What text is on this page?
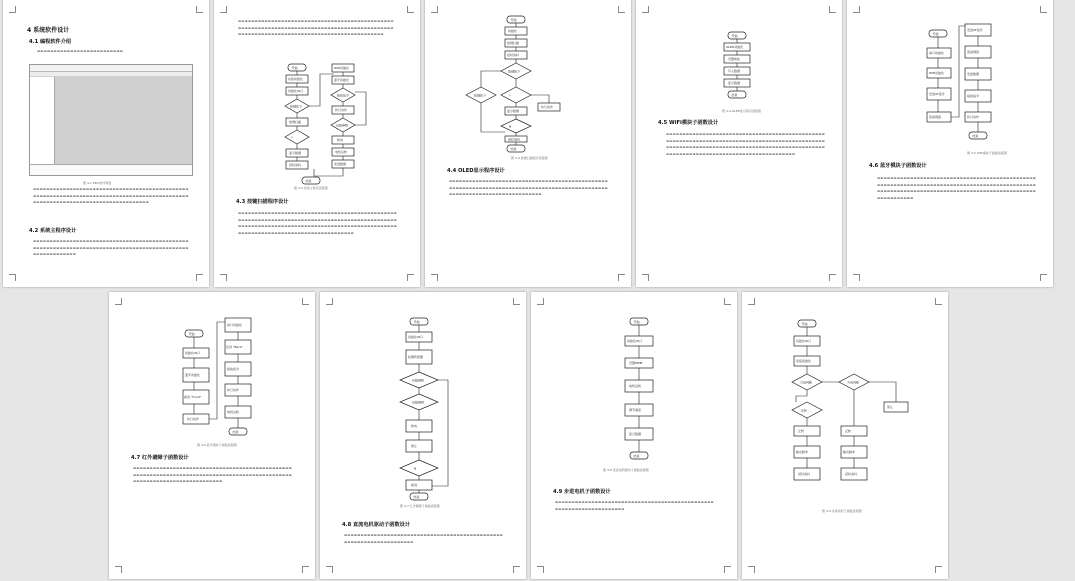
4 系统软件设计
4.1 编程软件介绍
▬▬▬▬▬▬▬▬▬▬▬▬▬▬▬▬▬▬▬▬▬▬▬▬▬▬
图 4-1 KEIL软件界面
▬▬▬▬▬▬▬▬▬▬▬▬▬▬▬▬▬▬▬▬▬▬▬▬▬▬▬▬▬▬▬▬▬▬▬▬▬▬▬▬▬▬▬▬▬▬▬▬▬▬▬▬▬▬▬▬▬▬▬▬▬▬▬▬▬▬▬▬▬▬▬▬▬▬▬▬▬▬▬▬▬▬▬▬▬▬▬▬▬▬▬▬▬▬▬▬▬▬▬▬▬▬▬▬▬▬▬▬▬▬▬▬▬▬▬▬▬▬▬▬▬▬▬▬▬▬▬▬▬
4.2 系统主程序设计
▬▬▬▬▬▬▬▬▬▬▬▬▬▬▬▬▬▬▬▬▬▬▬▬▬▬▬▬▬▬▬▬▬▬▬▬▬▬▬▬▬▬▬▬▬▬▬▬▬▬▬▬▬▬▬▬▬▬▬▬▬▬▬▬▬▬▬▬▬▬▬▬▬▬▬▬▬▬▬▬▬▬▬▬▬▬▬▬▬▬▬▬▬▬▬▬▬▬▬▬▬▬▬▬▬▬▬
▬▬▬▬▬▬▬▬▬▬▬▬▬▬▬▬▬▬▬▬▬▬▬▬▬▬▬▬▬▬▬▬▬▬▬▬▬▬▬▬▬▬▬▬▬▬▬▬▬▬▬▬▬▬▬▬▬▬▬▬▬▬▬▬▬▬▬▬▬▬▬▬▬▬▬▬▬▬▬▬▬▬▬▬▬▬▬▬▬▬▬▬▬▬▬▬▬▬▬▬▬▬▬▬▬▬▬▬▬▬▬▬▬▬▬▬▬▬▬▬▬▬▬▬▬▬▬▬▬▬▬▬▬▬▬▬▬▬
开始
系统初始化
初始化IO口
按键按下
按键扫描
Y
显示数据
延时消抖
WiFi初始化
蓝牙初始化
接收指令
执行动作
有障碍物
转向
电机运转
发送数据
结束
图 4-2 系统主程序流程图
4.3 按键扫描程序设计
▬▬▬▬▬▬▬▬▬▬▬▬▬▬▬▬▬▬▬▬▬▬▬▬▬▬▬▬▬▬▬▬▬▬▬▬▬▬▬▬▬▬▬▬▬▬▬▬▬▬▬▬▬▬▬▬▬▬▬▬▬▬▬▬▬▬▬▬▬▬▬▬▬▬▬▬▬▬▬▬▬▬▬▬▬▬▬▬▬▬▬▬▬▬▬▬▬▬▬▬▬▬▬▬▬▬▬▬▬▬▬▬▬▬▬▬▬▬▬▬▬▬▬▬▬▬▬▬▬▬▬▬▬▬▬▬▬▬▬▬▬▬▬▬▬▬▬▬▬▬▬▬▬▬▬▬▬▬▬▬▬▬▬▬▬▬▬▬▬▬▬▬▬▬▬▬▬▬▬
开始
初始化
按键扫描
延时消抖
按键按下
按键按下	Y
执行动作
显示数据
N
延时消抖
结束
图 4-3 按键扫描程序流程图
4.4 OLED显示程序设计
▬▬▬▬▬▬▬▬▬▬▬▬▬▬▬▬▬▬▬▬▬▬▬▬▬▬▬▬▬▬▬▬▬▬▬▬▬▬▬▬▬▬▬▬▬▬▬▬▬▬▬▬▬▬▬▬▬▬▬▬▬▬▬▬▬▬▬▬▬▬▬▬▬▬▬▬▬▬▬▬▬▬▬▬▬▬▬▬▬▬▬▬▬▬▬▬▬▬▬▬▬▬▬▬▬▬▬▬▬▬▬▬▬▬▬▬▬▬▬▬▬▬▬▬
开始
OLED初始化
设置地址
写入数据
显示数据
结束
图 4-4 OLED显示程序流程图
4.5 WiFi模块子函数设计
▬▬▬▬▬▬▬▬▬▬▬▬▬▬▬▬▬▬▬▬▬▬▬▬▬▬▬▬▬▬▬▬▬▬▬▬▬▬▬▬▬▬▬▬▬▬▬▬▬▬▬▬▬▬▬▬▬▬▬▬▬▬▬▬▬▬▬▬▬▬▬▬▬▬▬▬▬▬▬▬▬▬▬▬▬▬▬▬▬▬▬▬▬▬▬▬▬▬▬▬▬▬▬▬▬▬▬▬▬▬▬▬▬▬▬▬▬▬▬▬▬▬▬▬▬▬▬▬▬▬▬▬▬▬▬▬▬▬▬▬▬▬▬▬▬▬▬▬▬▬▬▬▬▬▬▬▬▬▬▬▬▬▬▬▬▬▬▬▬▬▬▬▬▬▬▬▬▬▬▬▬▬▬
开始
串口初始化
WiFi初始化
发送AT指令
连接网络
发送AT指令
连接网络
发送数据
接收指令
执行动作
结束
图 4-5 WiFi模块子函数流程图
4.6 蓝牙模块子函数设计
▬▬▬▬▬▬▬▬▬▬▬▬▬▬▬▬▬▬▬▬▬▬▬▬▬▬▬▬▬▬▬▬▬▬▬▬▬▬▬▬▬▬▬▬▬▬▬▬▬▬▬▬▬▬▬▬▬▬▬▬▬▬▬▬▬▬▬▬▬▬▬▬▬▬▬▬▬▬▬▬▬▬▬▬▬▬▬▬▬▬▬▬▬▬▬▬▬▬▬▬▬▬▬▬▬▬▬▬▬▬▬▬▬▬▬▬▬▬▬▬▬▬▬▬▬▬▬▬▬▬▬▬▬▬▬▬▬▬▬▬▬▬▬▬▬▬▬▬▬▬▬▬▬▬▬
开始
初始化IO口
蓝牙初始化
前进 "Front"
执行动作
串口初始化
后退 "Back"
接收指令
执行动作
电机运转
结束
图 4-6 蓝牙模块子函数流程图
4.7 红外避障子函数设计
▬▬▬▬▬▬▬▬▬▬▬▬▬▬▬▬▬▬▬▬▬▬▬▬▬▬▬▬▬▬▬▬▬▬▬▬▬▬▬▬▬▬▬▬▬▬▬▬▬▬▬▬▬▬▬▬▬▬▬▬▬▬▬▬▬▬▬▬▬▬▬▬▬▬▬▬▬▬▬▬▬▬▬▬▬▬▬▬▬▬▬▬▬▬▬▬▬▬▬▬▬▬▬▬▬▬▬▬▬▬▬▬▬▬▬▬▬▬▬▬▬▬▬
开始
初始化IO口
检测传感器
有障碍物
有障碍物
转向
停止
N
前进
结束
图 4-7 红外避障子函数流程图
4.8 直流电机驱动子函数设计
▬▬▬▬▬▬▬▬▬▬▬▬▬▬▬▬▬▬▬▬▬▬▬▬▬▬▬▬▬▬▬▬▬▬▬▬▬▬▬▬▬▬▬▬▬▬▬▬▬▬▬▬▬▬▬▬▬▬▬▬▬▬▬▬▬▬▬▬▬
开始
初始化IO口
设置PWM
电机运转
调节速度
显示数据
结束
图 4-8 直流电机驱动子函数流程图
4.9 步进电机子函数设计
▬▬▬▬▬▬▬▬▬▬▬▬▬▬▬▬▬▬▬▬▬▬▬▬▬▬▬▬▬▬▬▬▬▬▬▬▬▬▬▬▬▬▬▬▬▬▬▬▬▬▬▬▬▬▬▬▬▬▬▬▬▬▬▬▬▬▬▬▬
开始
初始化IO口
系统初始化
方向判断
正转
方向判断
停止
正转	反转
输出脉冲	输出脉冲
延时消抖	延时消抖
图 4-9 步进电机子函数流程图
